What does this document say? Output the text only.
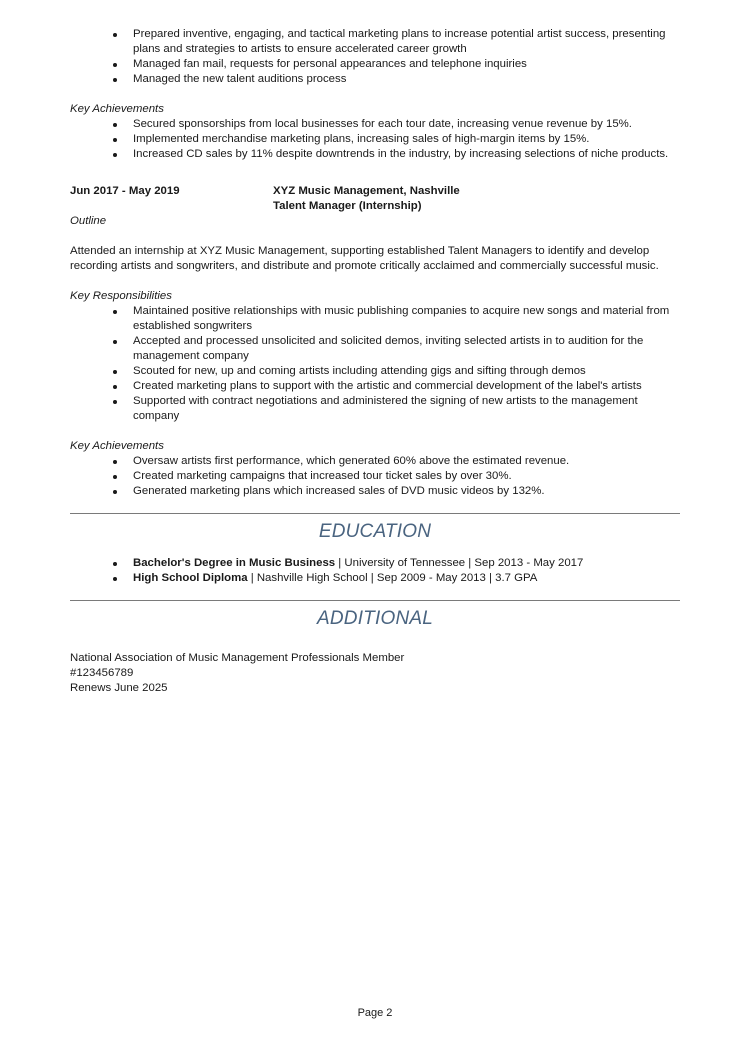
Prepared inventive, engaging, and tactical marketing plans to increase potential artist success, presenting plans and strategies to artists to ensure accelerated career growth
Managed fan mail, requests for personal appearances and telephone inquiries
Managed the new talent auditions process

Key Achievements

Secured sponsorships from local businesses for each tour date, increasing venue revenue by 15%.
Implemented merchandise marketing plans, increasing sales of high-margin items by 15%.
Increased CD sales by 11% despite downtrends in the industry, by increasing selections of niche products.
Jun 2017 - May 2019	XYZ Music Management, Nashville
Talent Manager (Internship)

Outline

Attended an internship at XYZ Music Management, supporting established Talent Managers to identify and develop recording artists and songwriters, and distribute and promote critically acclaimed and commercially successful music.

Key Responsibilities

Maintained positive relationships with music publishing companies to acquire new songs and material from established songwriters
Accepted and processed unsolicited and solicited demos, inviting selected artists in to audition for the management company
Scouted for new, up and coming artists including attending gigs and sifting through demos
Created marketing plans to support with the artistic and commercial development of the label's artists
Supported with contract negotiations and administered the signing of new artists to the management company

Key Achievements

Oversaw artists first performance, which generated 60% above the estimated revenue.
Created marketing campaigns that increased tour ticket sales by over 30%.
Generated marketing plans which increased sales of DVD music videos by 132%.
EDUCATION
Bachelor's Degree in Music Business | University of Tennessee | Sep 2013 - May 2017
High School Diploma | Nashville High School | Sep 2009 - May 2013 | 3.7 GPA
ADDITIONAL

National Association of Music Management Professionals Member

#123456789

Renews June 2025

Page 2
